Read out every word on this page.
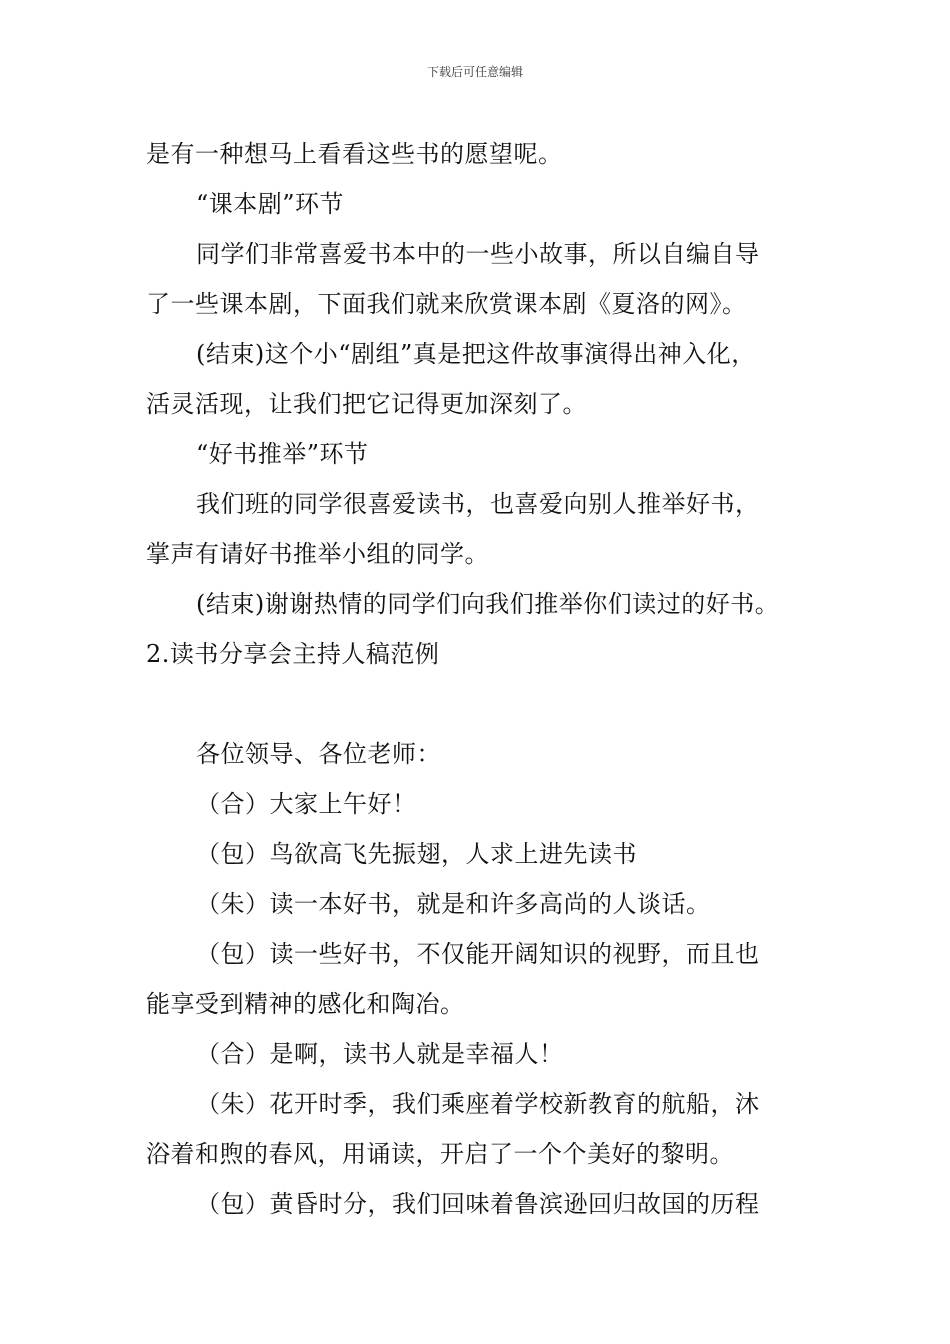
下载后可任意编辑
是有一种想马上看看这些书的愿望呢。
“课本剧”环节
同学们非常喜爱书本中的一些小故事，所以自编自导
了一些课本剧，下面我们就来欣赏课本剧《夏洛的网》。
(结束)这个小“剧组”真是把这件故事演得出神入化，
活灵活现，让我们把它记得更加深刻了。
“好书推举”环节
我们班的同学很喜爱读书，也喜爱向别人推举好书，
掌声有请好书推举小组的同学。
(结束)谢谢热情的同学们向我们推举你们读过的好书。
2.读书分享会主持人稿范例
各位领导、各位老师：
（合）大家上午好！
（包）鸟欲高飞先振翅，人求上进先读书
（朱）读一本好书，就是和许多高尚的人谈话。
（包）读一些好书，不仅能开阔知识的视野，而且也
能享受到精神的感化和陶冶。
（合）是啊，读书人就是幸福人！
（朱）花开时季，我们乘座着学校新教育的航船，沐
浴着和煦的春风，用诵读，开启了一个个美好的黎明。
（包）黄昏时分，我们回味着鲁滨逊回归故国的历程
